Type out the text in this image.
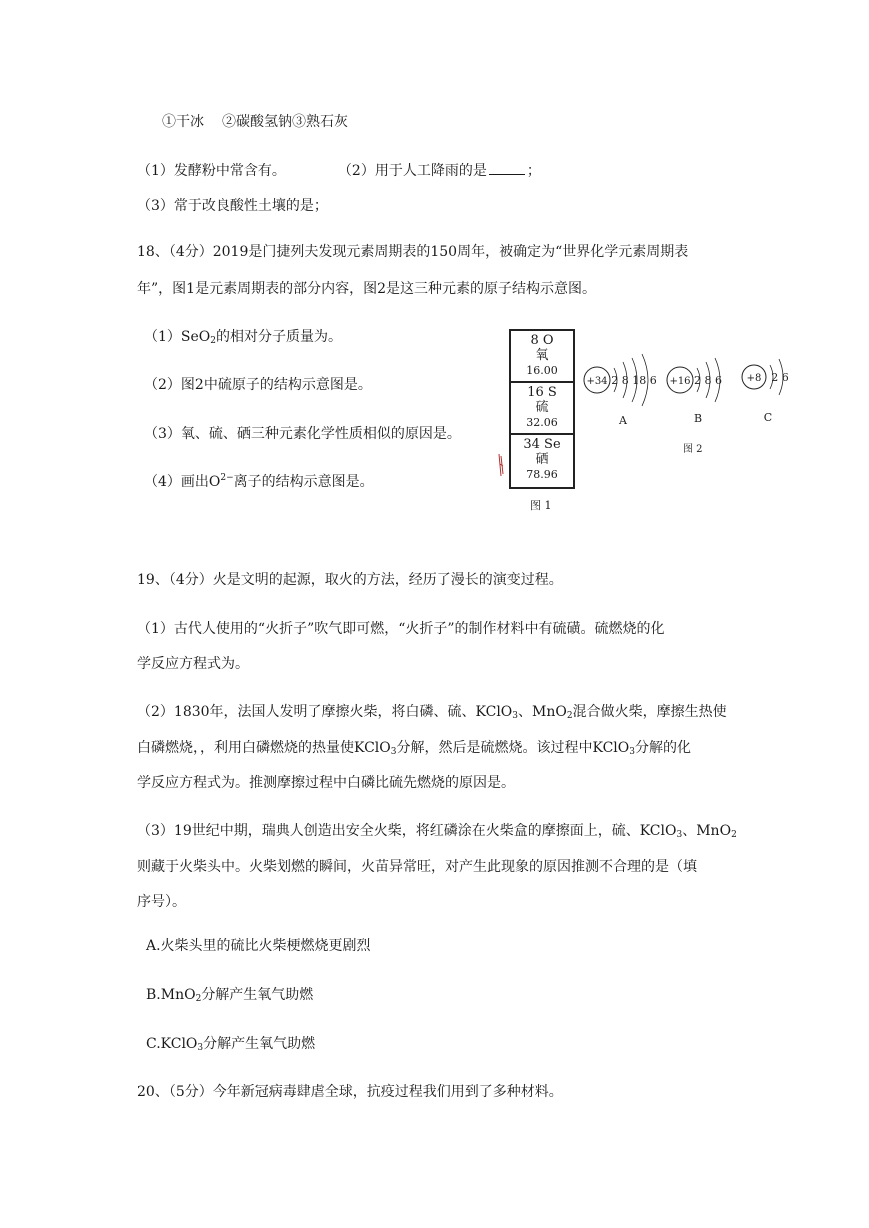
①干冰 ②碳酸氢钠③熟石灰
（1）发酵粉中常含有。	（2）用于人工降雨的是	；
（3）常于改良酸性土壤的是；
18、（4分）2019是门捷列夫发现元素周期表的150周年，被确定为“世界化学元素周期表
年”，图1是元素周期表的部分内容，图2是这三种元素的原子结构示意图。
（1）SeO$_2$的相对分子质量为。
（2）图2中硫原子的结构示意图是。
（3）氧、硫、硒三种元素化学性质相似的原因是。
（4）画出$O^{2-}$离子的结构示意图是。
8 O
氧
16.00
16 S
硫
32.06
34 Se
硒
78.96
图 1
+34 2 8 18 6
A
+16 2 8 6
B
+8 2 6
C
图 2
19、（4分）火是文明的起源，取火的方法，经历了漫长的演变过程。
（1）古代人使用的“火折子”吹气即可燃，“火折子”的制作材料中有硫磺。硫燃烧的化
学反应方程式为。
（2）1830年，法国人发明了摩擦火柴，将白磷、硫、KClO$_3$、MnO$_2$混合做火柴，摩擦生热使
白磷燃烧，，利用白磷燃烧的热量使KClO$_3$分解，然后是硫燃烧。该过程中KClO$_3$分解的化
学反应方程式为。推测摩擦过程中白磷比硫先燃烧的原因是。
（3）19世纪中期，瑞典人创造出安全火柴，将红磷涂在火柴盒的摩擦面上，硫、KClO$_3$、MnO$_2$
则藏于火柴头中。火柴划燃的瞬间，火苗异常旺，对产生此现象的原因推测不合理的是（填
序号）。
A.火柴头里的硫比火柴梗燃烧更剧烈
B.MnO$_2$分解产生氧气助燃
C.KClO$_3$分解产生氧气助燃
20、（5分）今年新冠病毒肆虐全球，抗疫过程我们用到了多种材料。
